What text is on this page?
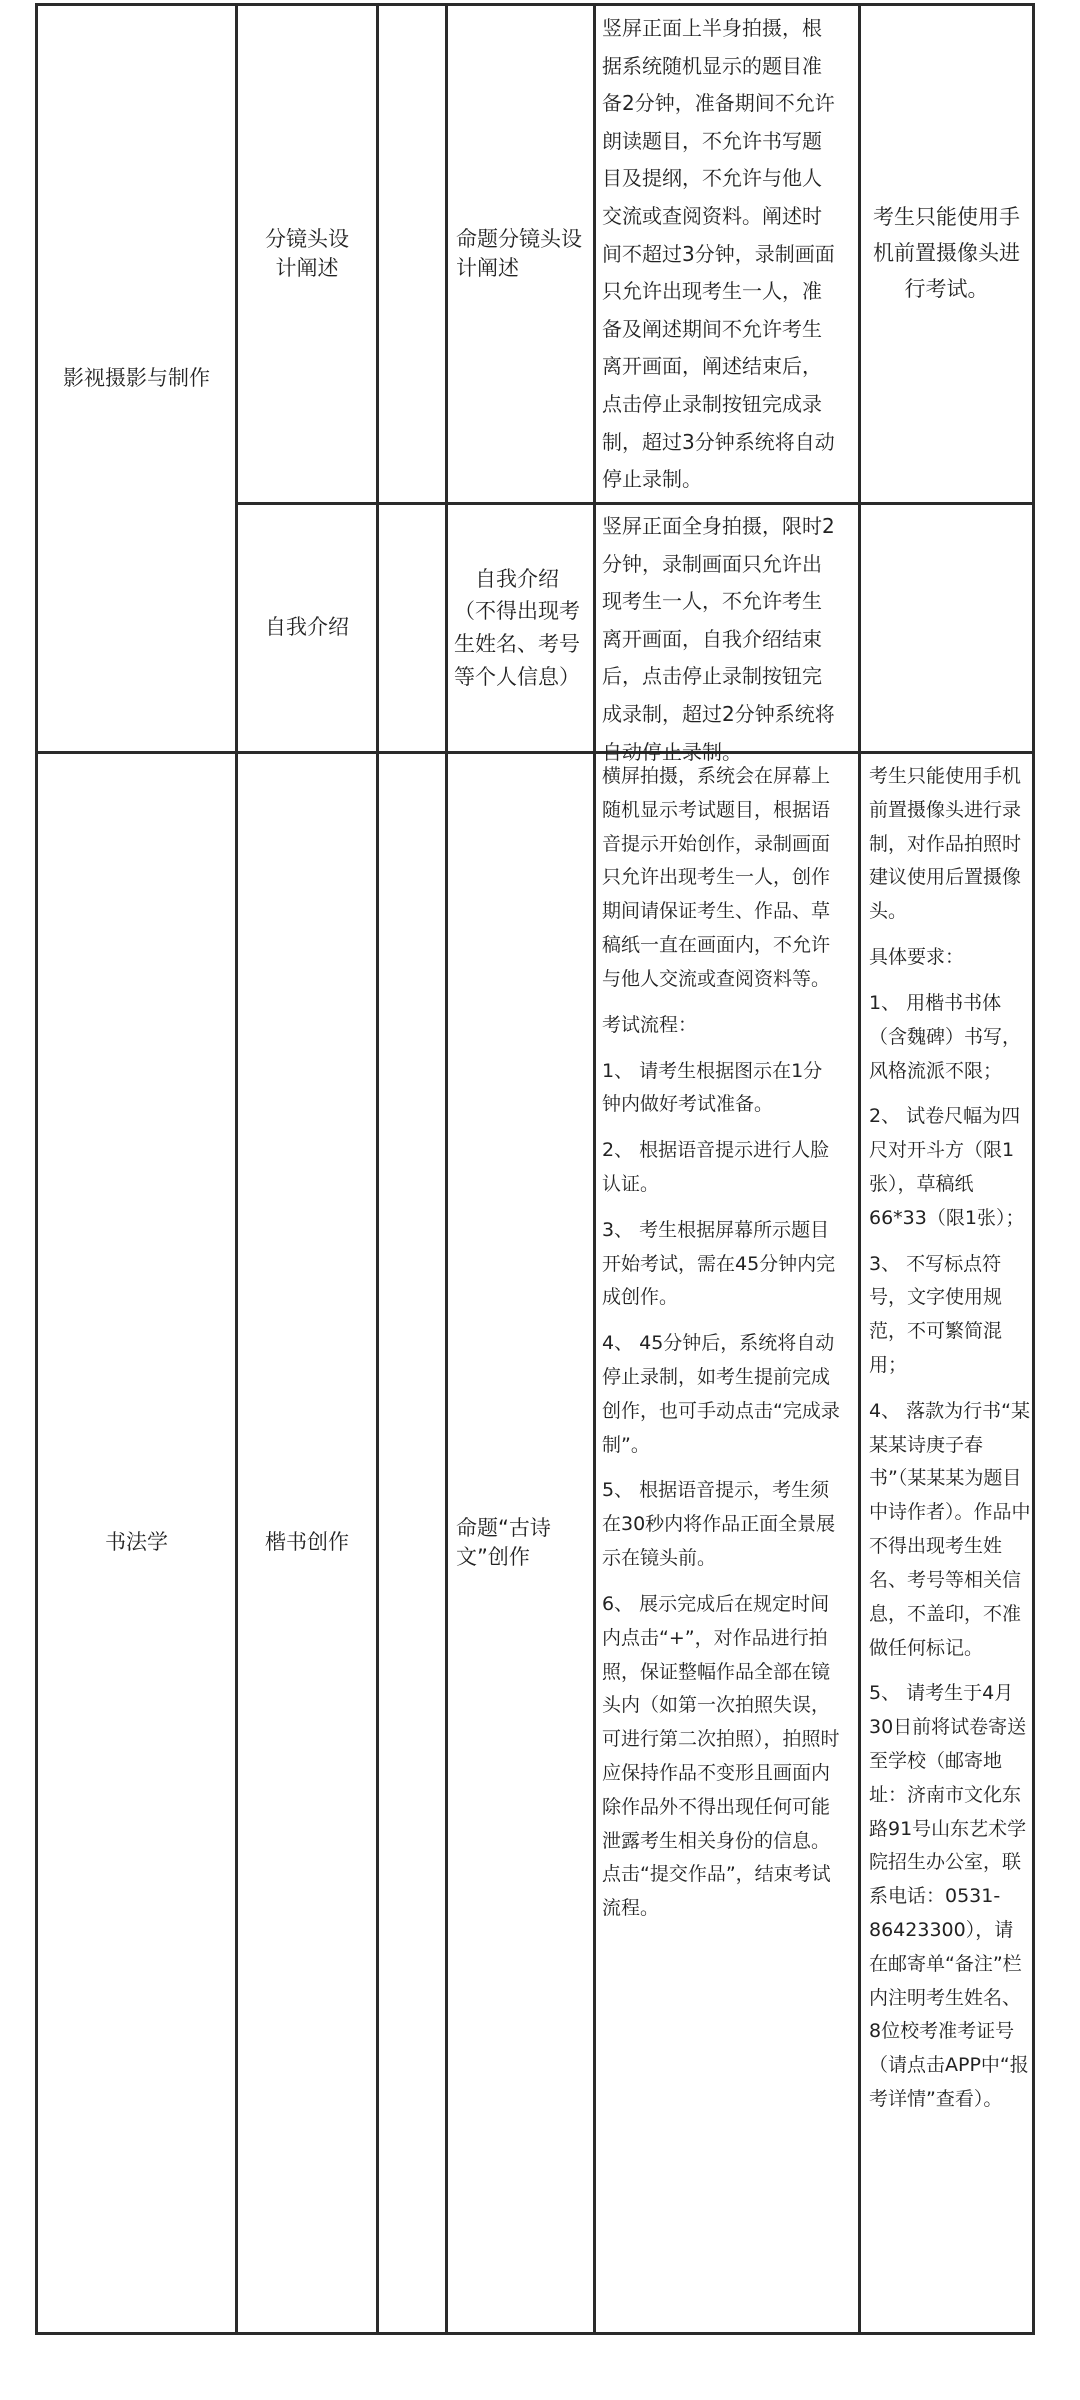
影视摄影与制作
分镜头设计阐述
命题分镜头设计阐述

竖屏正面上半身拍摄，根据系统随机显示的题目准备2分钟，准备期间不允许朗读题目，不允许书写题目及提纲，不允许与他人交流或查阅资料。阐述时间不超过3分钟，录制画面只允许出现考生一人，准备及阐述期间不允许考生离开画面，阐述结束后，点击停止录制按钮完成录制，超过3分钟系统将自动停止录制。

自我介绍
自我介绍
（不得出现考生姓名、考号等个人信息）

竖屏正面全身拍摄，限时2分钟，录制画面只允许出现考生一人，不允许考生离开画面，自我介绍结束后，点击停止录制按钮完成录制，超过2分钟系统将自动停止录制。

考生只能使用手机前置摄像头进行考试。
书法学	楷书创作
命题“古诗文”创作

横屏拍摄，系统会在屏幕上随机显示考试题目，根据语音提示开始创作，录制画面只允许出现考生一人，创作期间请保证考生、作品、草稿纸一直在画面内，不允许与他人交流或查阅资料等。

考试流程：

1、 请考生根据图示在1分钟内做好考试准备。

2、 根据语音提示进行人脸认证。

3、 考生根据屏幕所示题目开始考试，需在45分钟内完成创作。

4、 45分钟后，系统将自动停止录制，如考生提前完成创作，也可手动点击“完成录制”。

5、 根据语音提示，考生须在30秒内将作品正面全景展示在镜头前。

6、 展示完成后在规定时间内点击“+”，对作品进行拍照，保证整幅作品全部在镜头内（如第一次拍照失误，可进行第二次拍照），拍照时应保持作品不变形且画面内除作品外不得出现任何可能泄露考生相关身份的信息。点击“提交作品”，结束考试流程。

考生只能使用手机前置摄像头进行录制，对作品拍照时建议使用后置摄像头。

具体要求：

1、 用楷书书体（含魏碑）书写，风格流派不限；

2、 试卷尺幅为四尺对开斗方（限1张），草稿纸66*33（限1张）；

3、 不写标点符号，文字使用规范，不可繁简混用；

4、 落款为行书“某某某诗庚子春书”（某某某为题目中诗作者）。作品中不得出现考生姓名、考号等相关信息，不盖印，不准做任何标记。

5、 请考生于4月30日前将试卷寄送至学校（邮寄地址：济南市文化东路91号山东艺术学院招生办公室，联系电话：0531-86423300），请在邮寄单“备注”栏内注明考生姓名、8位校考准考证号（请点击APP中“报考详情”查看）。
